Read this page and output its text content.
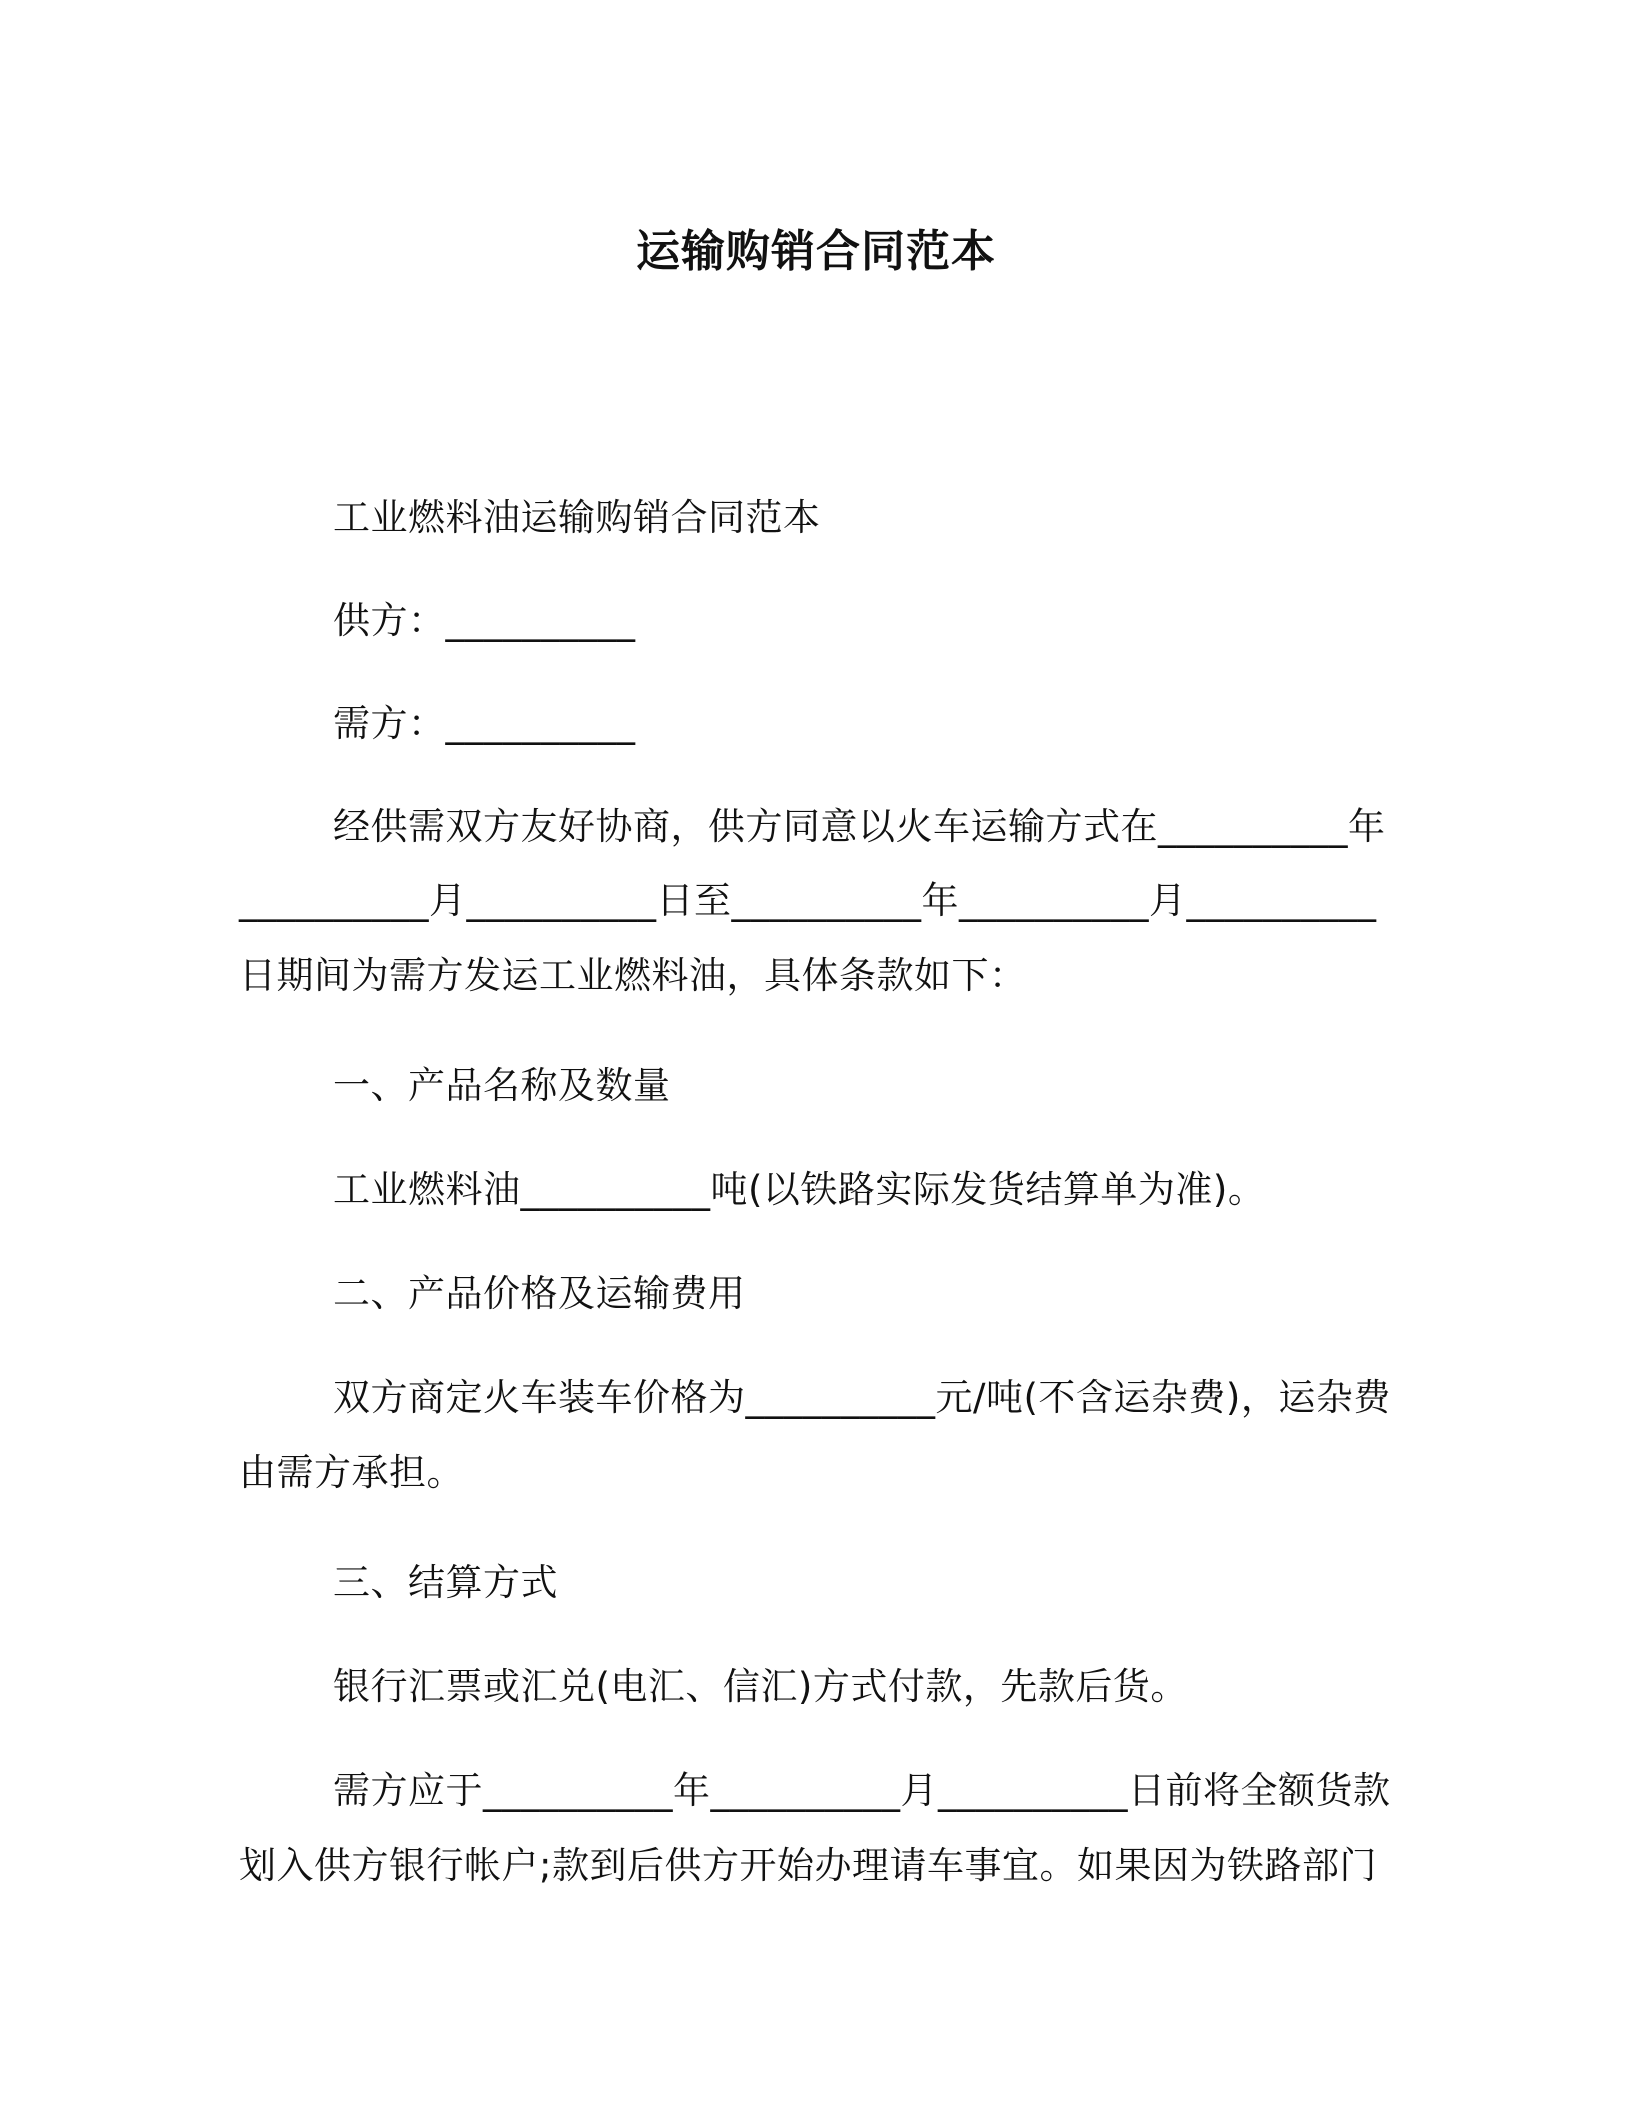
运输购销合同范本
工业燃料油运输购销合同范本
供方：__________
需方：__________
经供需双方友好协商，供方同意以火车运输方式在__________年
__________月__________日至__________年__________月__________
日期间为需方发运工业燃料油，具体条款如下：
一、产品名称及数量
工业燃料油__________吨(以铁路实际发货结算单为准)。
二、产品价格及运输费用
双方商定火车装车价格为__________元/吨(不含运杂费)，运杂费
由需方承担。
三、结算方式
银行汇票或汇兑(电汇、信汇)方式付款，先款后货。
需方应于__________年__________月__________日前将全额货款
划入供方银行帐户;款到后供方开始办理请车事宜。如果因为铁路部门
